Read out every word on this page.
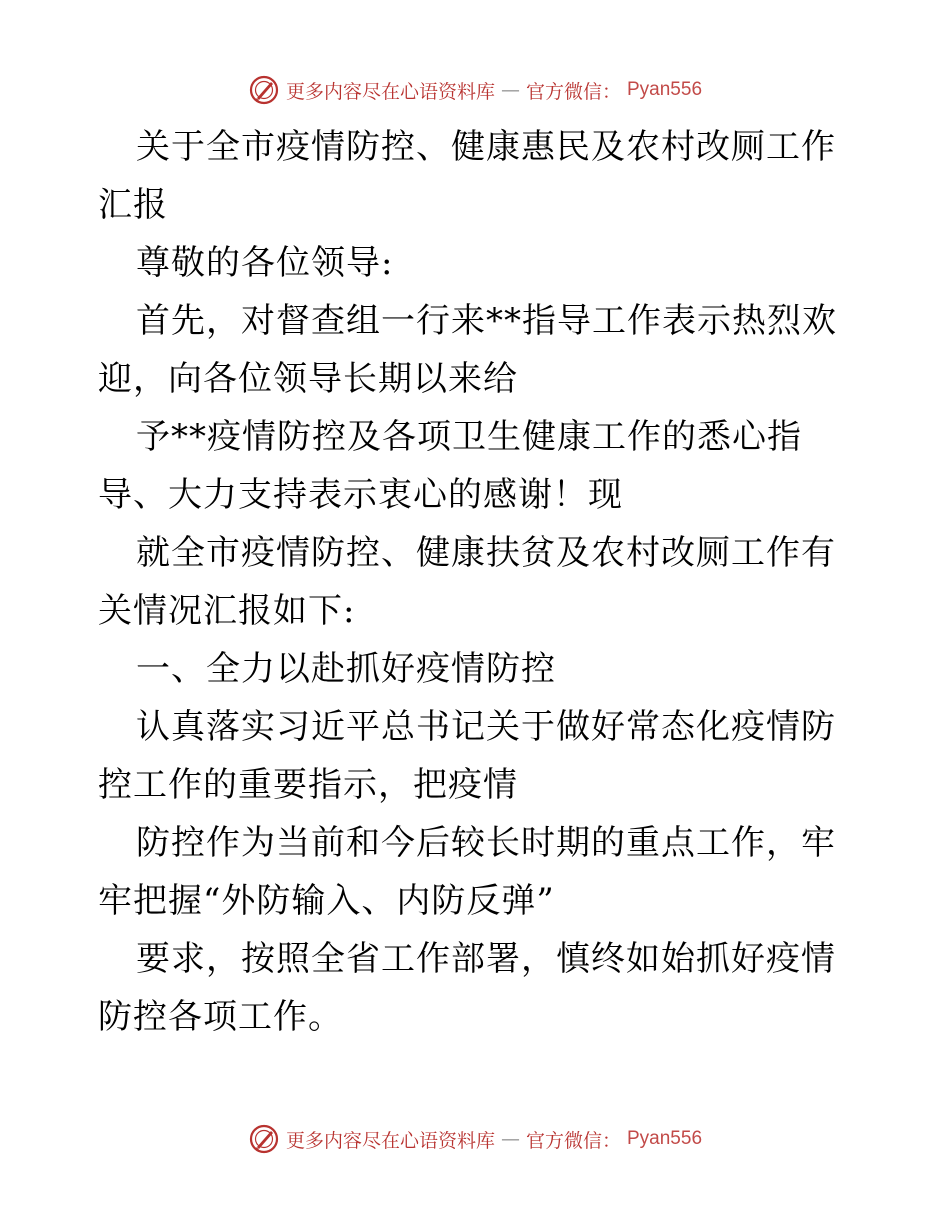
更多内容尽在心语资料库 — 官方微信： Pyan556

关于全市疫情防控、健康惠民及农村改厕工作汇报

尊敬的各位领导:

首先，对督查组一行来**指导工作表示热烈欢迎，向各位领导长期以来给

予**疫情防控及各项卫生健康工作的悉心指导、大力支持表示衷心的感谢！现

就全市疫情防控、健康扶贫及农村改厕工作有关情况汇报如下:

一、全力以赴抓好疫情防控

认真落实习近平总书记关于做好常态化疫情防控工作的重要指示，把疫情

防控作为当前和今后较长时期的重点工作，牢牢把握“外防输入、内防反弹”

要求，按照全省工作部署，慎终如始抓好疫情防控各项工作。

更多内容尽在心语资料库 — 官方微信： Pyan556
